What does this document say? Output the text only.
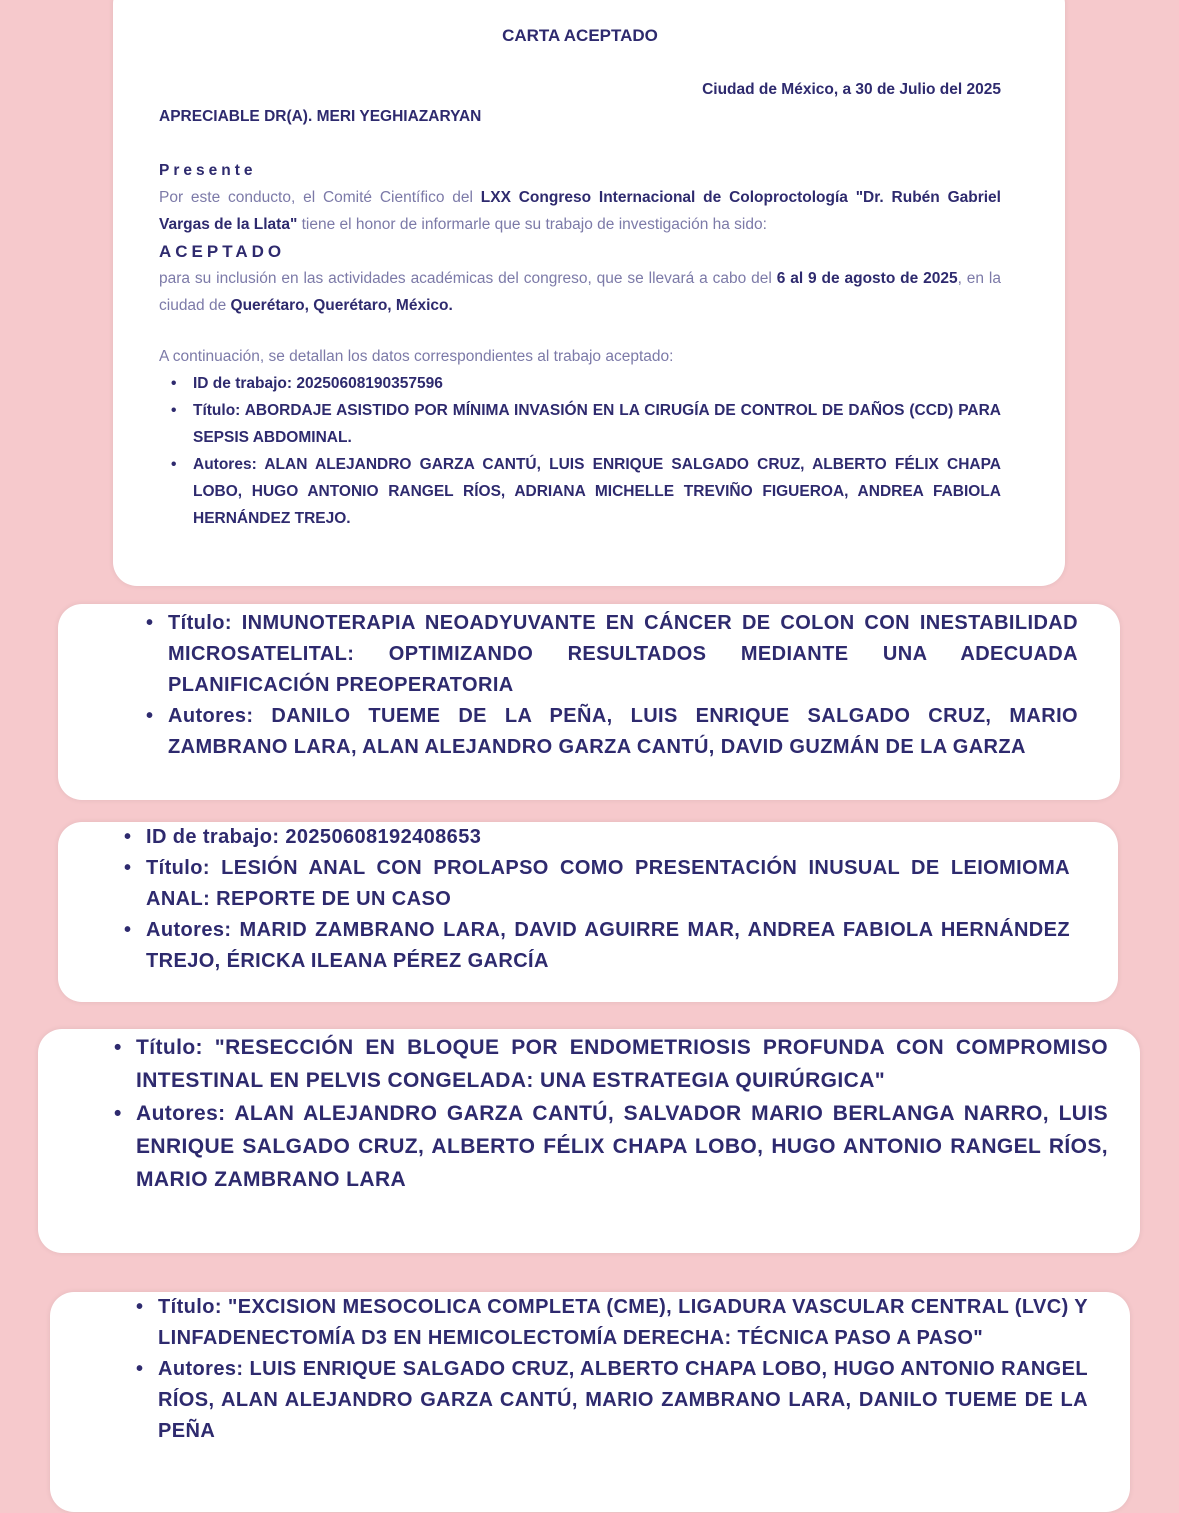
CARTA ACEPTADO
Ciudad de México, a 30 de Julio del 2025
APRECIABLE DR(A). MERI YEGHIAZARYAN
Presente
Por este conducto, el Comité Científico del LXX Congreso Internacional de Coloproctología "Dr. Rubén Gabriel Vargas de la Llata" tiene el honor de informarle que su trabajo de investigación ha sido:
ACEPTADO
para su inclusión en las actividades académicas del congreso, que se llevará a cabo del 6 al 9 de agosto de 2025, en la ciudad de Querétaro, Querétaro, México.
A continuación, se detallan los datos correspondientes al trabajo aceptado:
• ID de trabajo: 20250608190357596
• Título: ABORDAJE ASISTIDO POR MÍNIMA INVASIÓN EN LA CIRUGÍA DE CONTROL DE DAÑOS (CCD) PARA SEPSIS ABDOMINAL.
• Autores: ALAN ALEJANDRO GARZA CANTÚ, LUIS ENRIQUE SALGADO CRUZ, ALBERTO FÉLIX CHAPA LOBO, HUGO ANTONIO RANGEL RÍOS, ADRIANA MICHELLE TREVIÑO FIGUEROA, ANDREA FABIOLA HERNÁNDEZ TREJO.
• Título: INMUNOTERAPIA NEOADYUVANTE EN CÁNCER DE COLON CON INESTABILIDAD MICROSATELITAL: OPTIMIZANDO RESULTADOS MEDIANTE UNA ADECUADA PLANIFICACIÓN PREOPERATORIA
• Autores: DANILO TUEME DE LA PEÑA, LUIS ENRIQUE SALGADO CRUZ, MARIO ZAMBRANO LARA, ALAN ALEJANDRO GARZA CANTÚ, DAVID GUZMÁN DE LA GARZA
• ID de trabajo: 20250608192408653
• Título: LESIÓN ANAL CON PROLAPSO COMO PRESENTACIÓN INUSUAL DE LEIOMIOMA ANAL: REPORTE DE UN CASO
• Autores: MARID ZAMBRANO LARA, DAVID AGUIRRE MAR, ANDREA FABIOLA HERNÁNDEZ TREJO, ÉRICKA ILEANA PÉREZ GARCÍA
• Título: "RESECCIÓN EN BLOQUE POR ENDOMETRIOSIS PROFUNDA CON COMPROMISO INTESTINAL EN PELVIS CONGELADA: UNA ESTRATEGIA QUIRÚRGICA"
• Autores: ALAN ALEJANDRO GARZA CANTÚ, SALVADOR MARIO BERLANGA NARRO, LUIS ENRIQUE SALGADO CRUZ, ALBERTO FÉLIX CHAPA LOBO, HUGO ANTONIO RANGEL RÍOS, MARIO ZAMBRANO LARA
• Título: "EXCISION MESOCOLICA COMPLETA (CME), LIGADURA VASCULAR CENTRAL (LVC) Y LINFADENECTOMÍA D3 EN HEMICOLECTOMÍA DERECHA: TÉCNICA PASO A PASO"
• Autores: LUIS ENRIQUE SALGADO CRUZ, ALBERTO CHAPA LOBO, HUGO ANTONIO RANGEL RÍOS, ALAN ALEJANDRO GARZA CANTÚ, MARIO ZAMBRANO LARA, DANILO TUEME DE LA PEÑA
